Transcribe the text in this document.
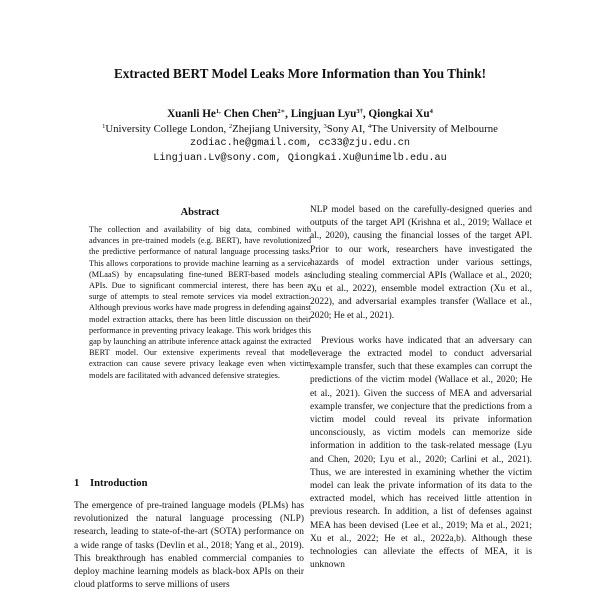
Extracted BERT Model Leaks More Information than You Think!
Xuanli $He^{1,}$ Chen Chen$^{2∗}$, Lingjuan Lyu$^{3\dagger}$, Qiongkai Xu$^4$
$^1$University College London, $^2$Zhejiang University, $^3$Sony AI, $^4$The University of Melbourne
zodiac.he@gmail.com, cc33@zju.edu.cn
Lingjuan.Lv@sony.com, Qiongkai.Xu@unimelb.edu.au
Abstract
The collection and availability of big data, combined with advances in pre-trained models (e.g. BERT), have revolutionized the predictive performance of natural language processing tasks. This allows corporations to provide machine learning as a service (MLaaS) by encapsulating fine-tuned BERT-based models as APIs. Due to significant commercial interest, there has been a surge of attempts to steal remote services via model extraction. Although previous works have made progress in defending against model extraction attacks, there has been little discussion on their performance in preventing privacy leakage. This work bridges this gap by launching an attribute inference attack against the extracted BERT model. Our extensive experiments reveal that model extraction can cause severe privacy leakage even when victim models are facilitated with advanced defensive strategies.
1 Introduction
The emergence of pre-trained language models (PLMs) has revolutionized the natural language processing (NLP) research, leading to state-of-the-art (SOTA) performance on a wide range of tasks (Devlin et al., 2018; Yang et al., 2019). This breakthrough has enabled commercial companies to deploy machine learning models as black-box APIs on their cloud platforms to serve millions of users

NLP model based on the carefully-designed queries and outputs of the target API (Krishna et al., 2019; Wallace et al., 2020), causing the financial losses of the target API. Prior to our work, researchers have investigated the hazards of model extraction under various settings, including stealing commercial APIs (Wallace et al., 2020; Xu et al., 2022), ensemble model extraction (Xu et al., 2022), and adversarial examples transfer (Wallace et al., 2020; He et al., 2021).

Previous works have indicated that an adversary can leverage the extracted model to conduct adversarial example transfer, such that these examples can corrupt the predictions of the victim model (Wallace et al., 2020; He et al., 2021). Given the success of MEA and adversarial example transfer, we conjecture that the predictions from a victim model could reveal its private information unconsciously, as victim models can memorize side information in addition to the task-related message (Lyu and Chen, 2020; Lyu et al., 2020; Carlini et al., 2021). Thus, we are interested in examining whether the victim model can leak the private information of its data to the extracted model, which has received little attention in previous research. In addition, a list of defenses against MEA has been devised (Lee et al., 2019; Ma et al., 2021; Xu et al., 2022; He et al., 2022a,b). Although these technologies can alleviate the effects of MEA, it is unknown
